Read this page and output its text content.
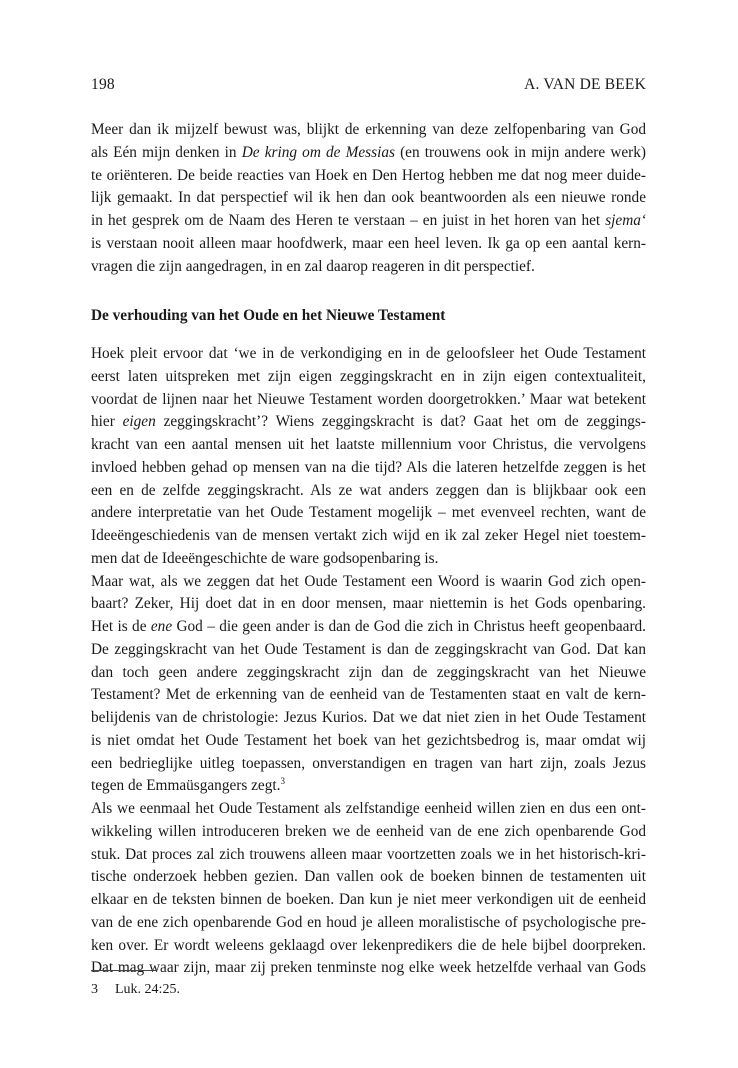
198	A. VAN DE BEEK
Meer dan ik mijzelf bewust was, blijkt de erkenning van deze zelfopenbaring van God
als Eén mijn denken in De kring om de Messias (en trouwens ook in mijn andere werk)
te oriënteren. De beide reacties van Hoek en Den Hertog hebben me dat nog meer duide-
lijk gemaakt. In dat perspectief wil ik hen dan ook beantwoorden als een nieuwe ronde
in het gesprek om de Naam des Heren te verstaan – en juist in het horen van het sjema‘
is verstaan nooit alleen maar hoofdwerk, maar een heel leven. Ik ga op een aantal kern-
vragen die zijn aangedragen, in en zal daarop reageren in dit perspectief.
De verhouding van het Oude en het Nieuwe Testament
Hoek pleit ervoor dat ‘we in de verkondiging en in de geloofsleer het Oude Testament
eerst laten uitspreken met zijn eigen zeggingskracht en in zijn eigen contextualiteit,
voordat de lijnen naar het Nieuwe Testament worden doorgetrokken.’ Maar wat betekent
hier eigen zeggingskracht’? Wiens zeggingskracht is dat? Gaat het om de zeggings-
kracht van een aantal mensen uit het laatste millennium voor Christus, die vervolgens
invloed hebben gehad op mensen van na die tijd? Als die lateren hetzelfde zeggen is het
een en de zelfde zeggingskracht. Als ze wat anders zeggen dan is blijkbaar ook een
andere interpretatie van het Oude Testament mogelijk – met evenveel rechten, want de
Ideeëngeschiedenis van de mensen vertakt zich wijd en ik zal zeker Hegel niet toestem-
men dat de Ideeëngeschichte de ware godsopenbaring is.
Maar wat, als we zeggen dat het Oude Testament een Woord is waarin God zich open-
baart? Zeker, Hij doet dat in en door mensen, maar niettemin is het Gods openbaring.
Het is de ene God – die geen ander is dan de God die zich in Christus heeft geopenbaard.
De zeggingskracht van het Oude Testament is dan de zeggingskracht van God. Dat kan
dan toch geen andere zeggingskracht zijn dan de zeggingskracht van het Nieuwe
Testament? Met de erkenning van de eenheid van de Testamenten staat en valt de kern-
belijdenis van de christologie: Jezus Kurios. Dat we dat niet zien in het Oude Testament
is niet omdat het Oude Testament het boek van het gezichtsbedrog is, maar omdat wij
een bedrieglijke uitleg toepassen, onverstandigen en tragen van hart zijn, zoals Jezus
tegen de Emmaüsgangers zegt.$^3$
Als we eenmaal het Oude Testament als zelfstandige eenheid willen zien en dus een ont-
wikkeling willen introduceren breken we de eenheid van de ene zich openbarende God
stuk. Dat proces zal zich trouwens alleen maar voortzetten zoals we in het historisch-kri-
tische onderzoek hebben gezien. Dan vallen ook de boeken binnen de testamenten uit
elkaar en de teksten binnen de boeken. Dan kun je niet meer verkondigen uit de eenheid
van de ene zich openbarende God en houd je alleen moralistische of psychologische pre-
ken over. Er wordt weleens geklaagd over lekenpredikers die de hele bijbel doorpreken.
Dat mag waar zijn, maar zij preken tenminste nog elke week hetzelfde verhaal van Gods
3 Luk. 24:25.
